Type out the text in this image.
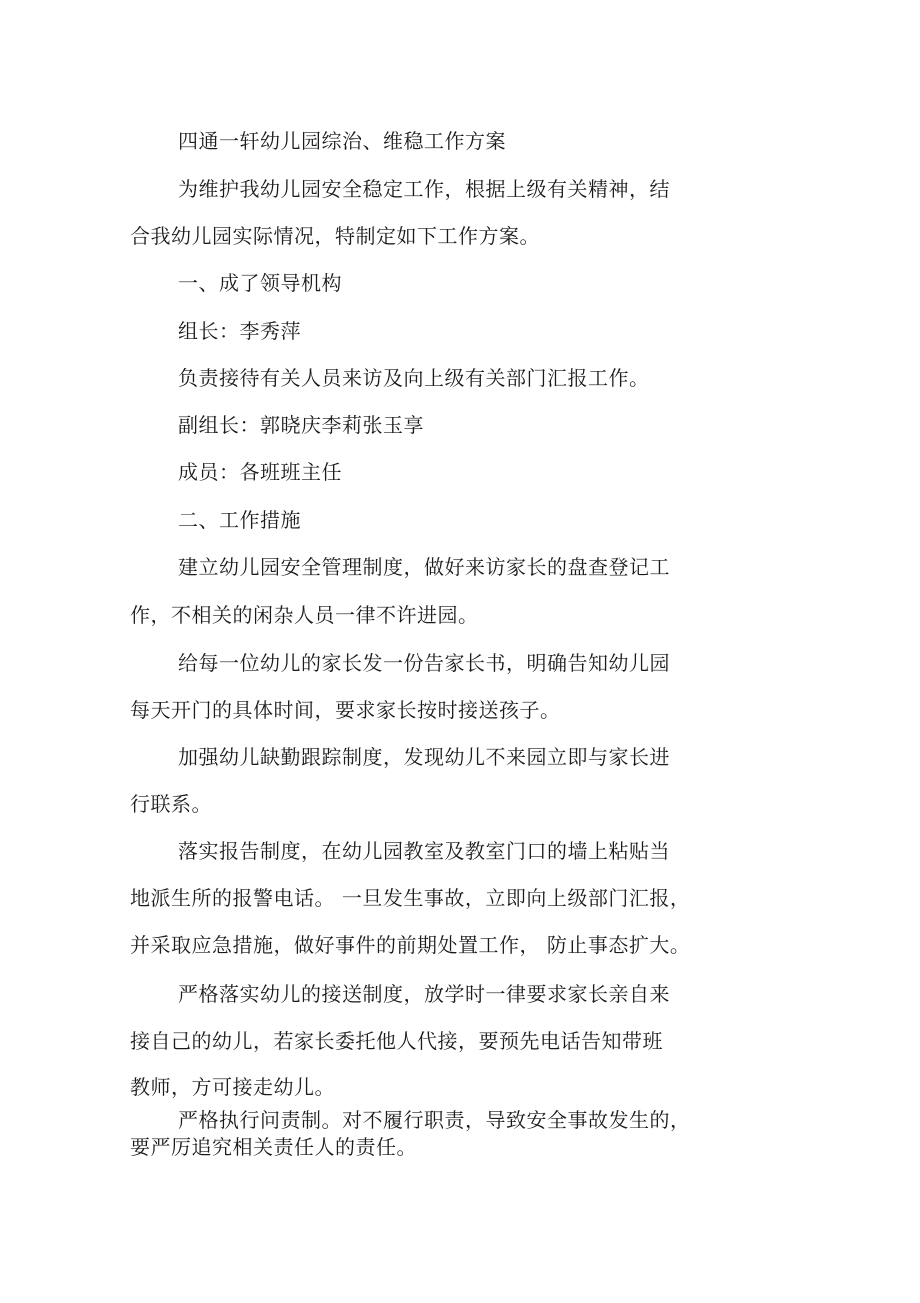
四通一轩幼儿园综治、维稳工作方案
为维护我幼儿园安全稳定工作，根据上级有关精神，结
合我幼儿园实际情况，特制定如下工作方案。
一、成了领导机构
组长：李秀萍
负责接待有关人员来访及向上级有关部门汇报工作。
副组长：郭晓庆李莉张玉享
成员：各班班主任
二、工作措施
建立幼儿园安全管理制度，做好来访家长的盘查登记工
作，不相关的闲杂人员一律不许进园。
给每一位幼儿的家长发一份告家长书，明确告知幼儿园
每天开门的具体时间，要求家长按时接送孩子。
加强幼儿缺勤跟踪制度，发现幼儿不来园立即与家长进
行联系。
落实报告制度，在幼儿园教室及教室门口的墙上粘贴当
地派生所的报警电话。 一旦发生事故，立即向上级部门汇报，
并采取应急措施，做好事件的前期处置工作， 防止事态扩大。
严格落实幼儿的接送制度，放学时一律要求家长亲自来
接自己的幼儿，若家长委托他人代接，要预先电话告知带班
教师，方可接走幼儿。
严格执行问责制。对不履行职责，导致安全事故发生的，
要严厉追究相关责任人的责任。
